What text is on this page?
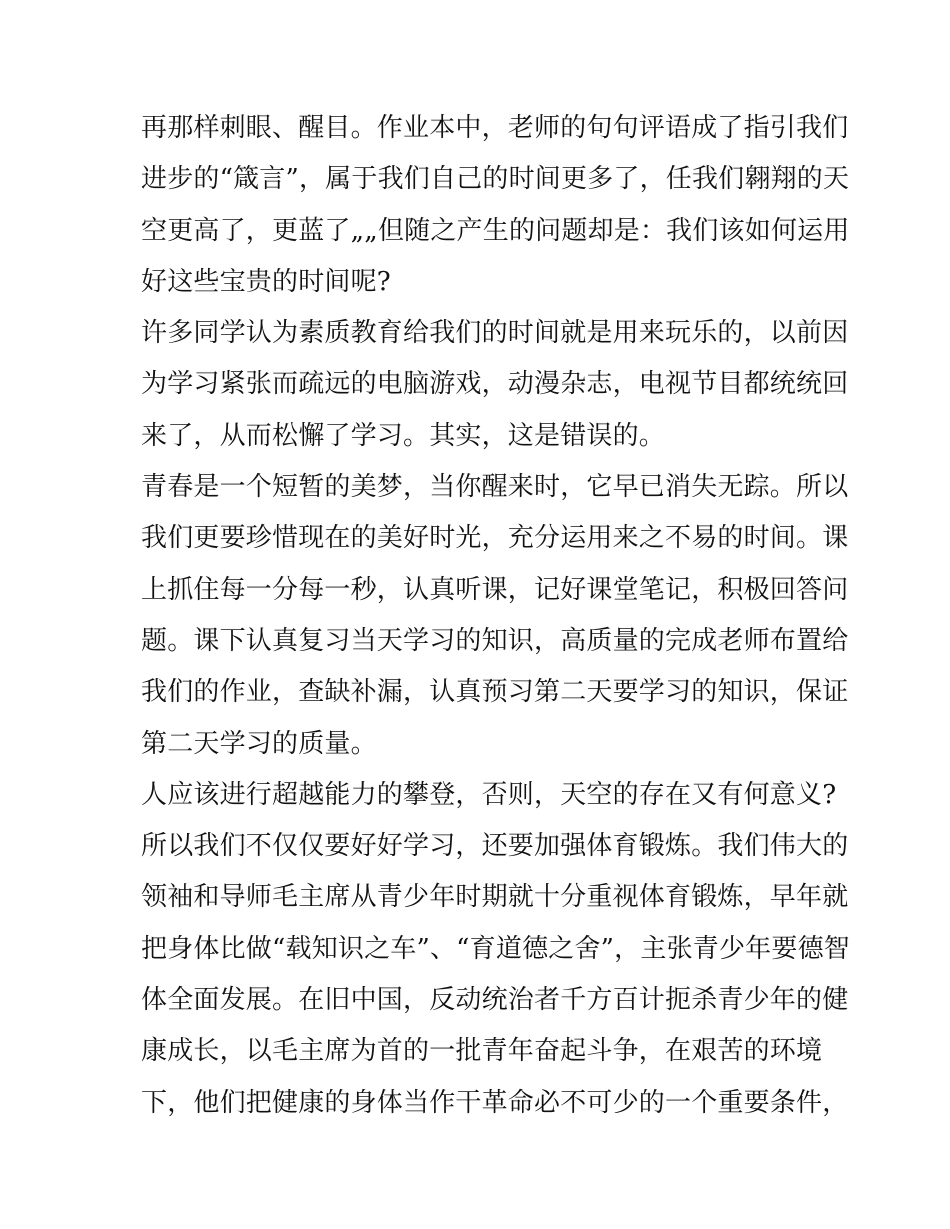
再那样刺眼、醒目。作业本中，老师的句句评语成了指引我们
进步的“箴言”，属于我们自己的时间更多了，任我们翱翔的天
空更高了，更蓝了„„但随之产生的问题却是：我们该如何运用
好这些宝贵的时间呢?
许多同学认为素质教育给我们的时间就是用来玩乐的，以前因
为学习紧张而疏远的电脑游戏，动漫杂志，电视节目都统统回
来了，从而松懈了学习。其实，这是错误的。
青春是一个短暂的美梦，当你醒来时，它早已消失无踪。所以
我们更要珍惜现在的美好时光，充分运用来之不易的时间。课
上抓住每一分每一秒，认真听课，记好课堂笔记，积极回答问
题。课下认真复习当天学习的知识，高质量的完成老师布置给
我们的作业，查缺补漏，认真预习第二天要学习的知识，保证
第二天学习的质量。
人应该进行超越能力的攀登，否则，天空的存在又有何意义?
所以我们不仅仅要好好学习，还要加强体育锻炼。我们伟大的
领袖和导师毛主席从青少年时期就十分重视体育锻炼，早年就
把身体比做“载知识之车”、“育道德之舍”，主张青少年要德智
体全面发展。在旧中国，反动统治者千方百计扼杀青少年的健
康成长，以毛主席为首的一批青年奋起斗争，在艰苦的环境
下，他们把健康的身体当作干革命必不可少的一个重要条件，
